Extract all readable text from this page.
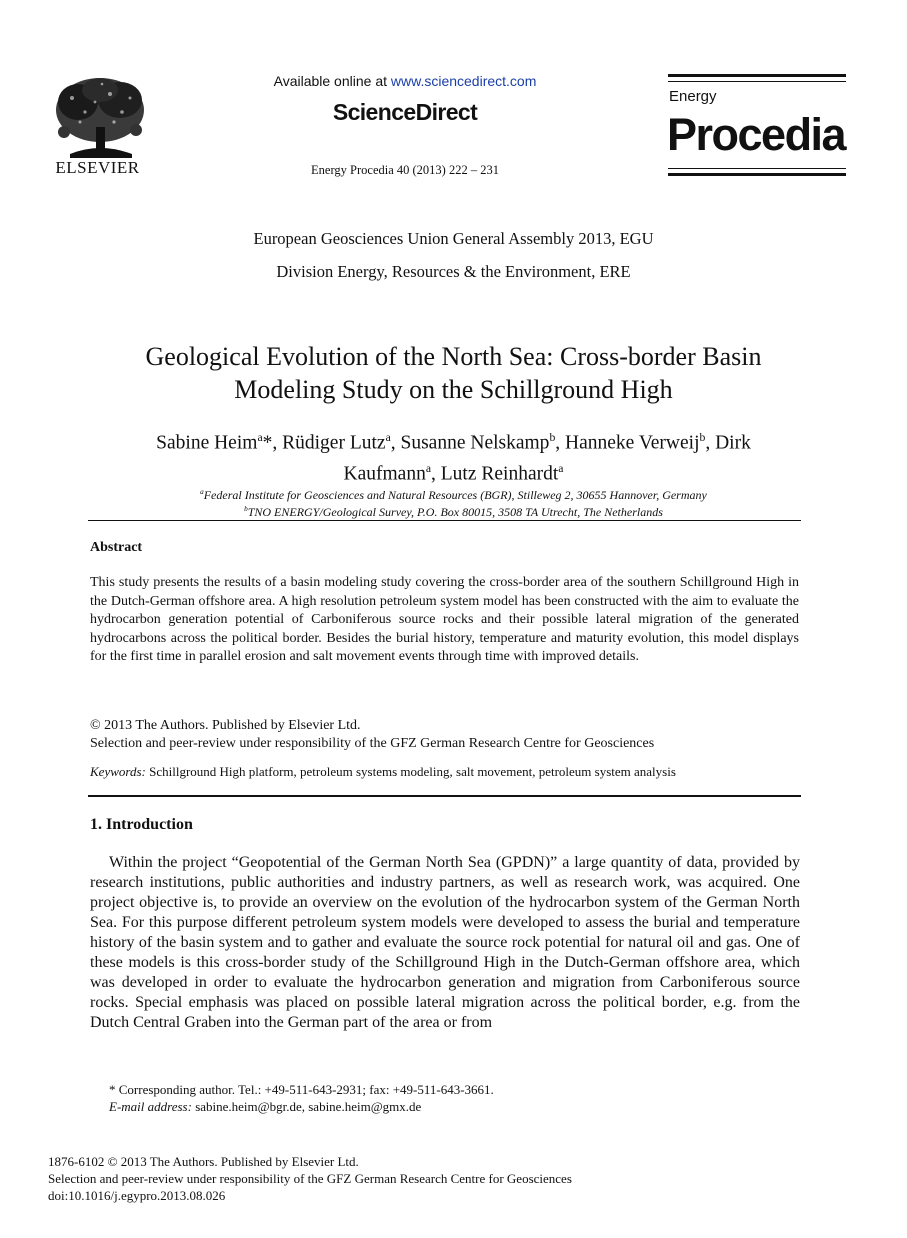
ELSEVIER
Available online at www.sciencedirect.com
ScienceDirect
Energy Procedia 40 (2013) 222 – 231
Energy
Procedia
European Geosciences Union General Assembly 2013, EGU
Division Energy, Resources & the Environment, ERE
Geological Evolution of the North Sea: Cross-border Basin
Modeling Study on the Schillground High
Sabine Heim$^a$*, Rüdiger Lutz$^a$, Susanne Nelskamp$^b$, Hanneke Verweij$^b$, Dirk
Kaufmann$^a$, Lutz Reinhardt$^a$
$^a$Federal Institute for Geosciences and Natural Resources (BGR), Stilleweg 2, 30655 Hannover, Germany
$^b$TNO ENERGY/Geological Survey, P.O. Box 80015, 3508 TA Utrecht, The Netherlands
Abstract
This study presents the results of a basin modeling study covering the cross-border area of the southern Schillground High in the Dutch-German offshore area. A high resolution petroleum system model has been constructed with the aim to evaluate the hydrocarbon generation potential of Carboniferous source rocks and their possible lateral migration of the generated hydrocarbons across the political border. Besides the burial history, temperature and maturity evolution, this model displays for the first time in parallel erosion and salt movement events through time with improved details.
© 2013 The Authors. Published by Elsevier Ltd.
Selection and peer-review under responsibility of the GFZ German Research Centre for Geosciences
Keywords: Schillground High platform, petroleum systems modeling, salt movement, petroleum system analysis
1. Introduction
Within the project “Geopotential of the German North Sea (GPDN)” a large quantity of data, provided by research institutions, public authorities and industry partners, as well as research work, was acquired. One project objective is, to provide an overview on the evolution of the hydrocarbon system of the German North Sea. For this purpose different petroleum system models were developed to assess the burial and temperature history of the basin system and to gather and evaluate the source rock potential for natural oil and gas. One of these models is this cross-border study of the Schillground High in the Dutch-German offshore area, which was developed in order to evaluate the hydrocarbon generation and migration from Carboniferous source rocks. Special emphasis was placed on possible lateral migration across the political border, e.g. from the Dutch Central Graben into the German part of the area or from
* Corresponding author. Tel.: +49-511-643-2931; fax: +49-511-643-3661.
E-mail address: sabine.heim@bgr.de, sabine.heim@gmx.de
1876-6102 © 2013 The Authors. Published by Elsevier Ltd.
Selection and peer-review under responsibility of the GFZ German Research Centre for Geosciences
doi:10.1016/j.egypro.2013.08.026
